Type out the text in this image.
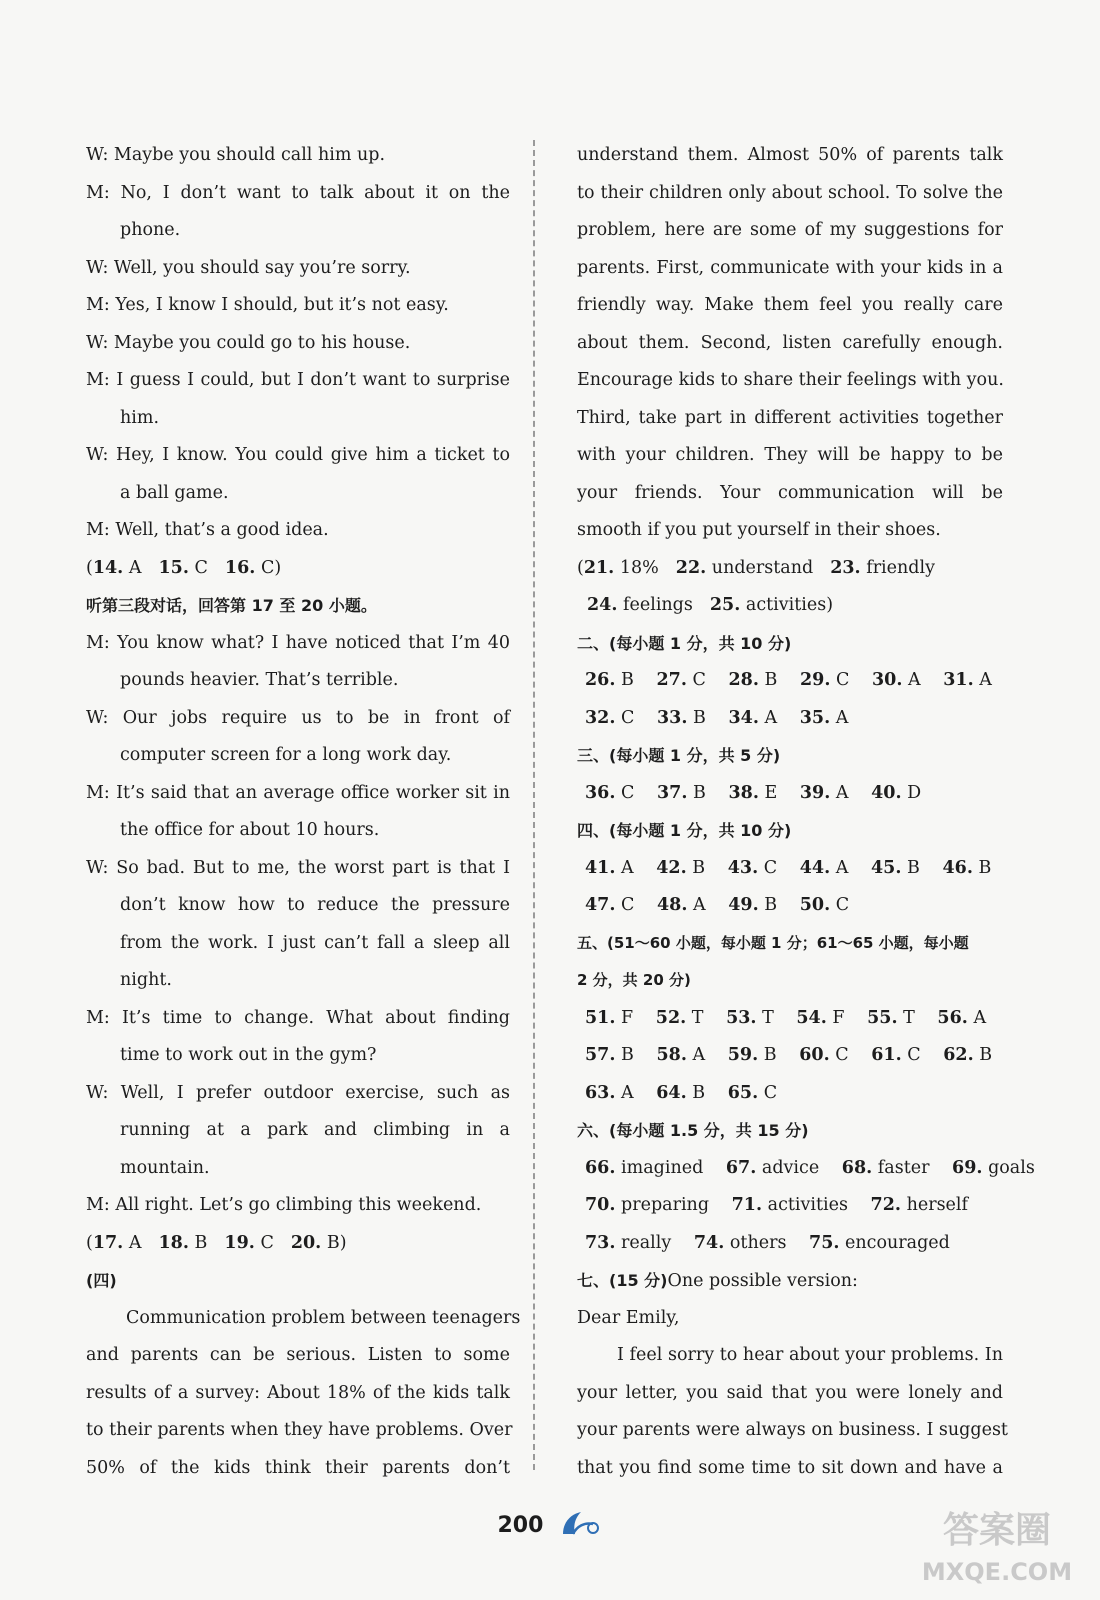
W: Maybe you should call him up.
M: No, I don’t want to talk about it on the
phone.
W: Well, you should say you’re sorry.
M: Yes, I know I should, but it’s not easy.
W: Maybe you could go to his house.
M: I guess I could, but I don’t want to surprise
him.
W: Hey, I know. You could give him a ticket to
a ball game.
M: Well, that’s a good idea.
(14. A 15. C 16. C)
听第三段对话，回答第 17 至 20 小题。
M: You know what? I have noticed that I’m 40
pounds heavier. That’s terrible.
W: Our jobs require us to be in front of
computer screen for a long work day.
M: It’s said that an average office worker sit in
the office for about 10 hours.
W: So bad. But to me, the worst part is that I
don’t know how to reduce the pressure
from the work. I just can’t fall a sleep all
night.
M: It’s time to change. What about finding
time to work out in the gym?
W: Well, I prefer outdoor exercise, such as
running at a park and climbing in a
mountain.
M: All right. Let’s go climbing this weekend.
(17. A 18. B 19. C 20. B)
(四)
Communication problem between teenagers
and parents can be serious. Listen to some
results of a survey: About 18% of the kids talk
to their parents when they have problems. Over
50% of the kids think their parents don’t
understand them. Almost 50% of parents talk
to their children only about school. To solve the
problem, here are some of my suggestions for
parents. First, communicate with your kids in a
friendly way. Make them feel you really care
about them. Second, listen carefully enough.
Encourage kids to share their feelings with you.
Third, take part in different activities together
with your children. They will be happy to be
your friends. Your communication will be
smooth if you put yourself in their shoes.
(21. 18% 22. understand 23. friendly
24. feelings 25. activities)
二、(每小题 1 分，共 10 分)
26. B 27. C 28. B 29. C 30. A 31. A
32. C 33. B 34. A 35. A
三、(每小题 1 分，共 5 分)
36. C 37. B 38. E 39. A 40. D
四、(每小题 1 分，共 10 分)
41. A 42. B 43. C 44. A 45. B 46. B
47. C 48. A 49. B 50. C
五、(51～60 小题，每小题 1 分；61～65 小题，每小题
2 分，共 20 分)
51. F 52. T 53. T 54. F 55. T 56. A
57. B 58. A 59. B 60. C 61. C 62. B
63. A 64. B 65. C
六、(每小题 1.5 分，共 15 分)
66. imagined 67. advice 68. faster 69. goals
70. preparing 71. activities 72. herself
73. really 74. others 75. encouraged
七、(15 分)One possible version:
Dear Emily,
I feel sorry to hear about your problems. In
your letter, you said that you were lonely and
your parents were always on business. I suggest
that you find some time to sit down and have a
200	答案圈
MXQE.COM
